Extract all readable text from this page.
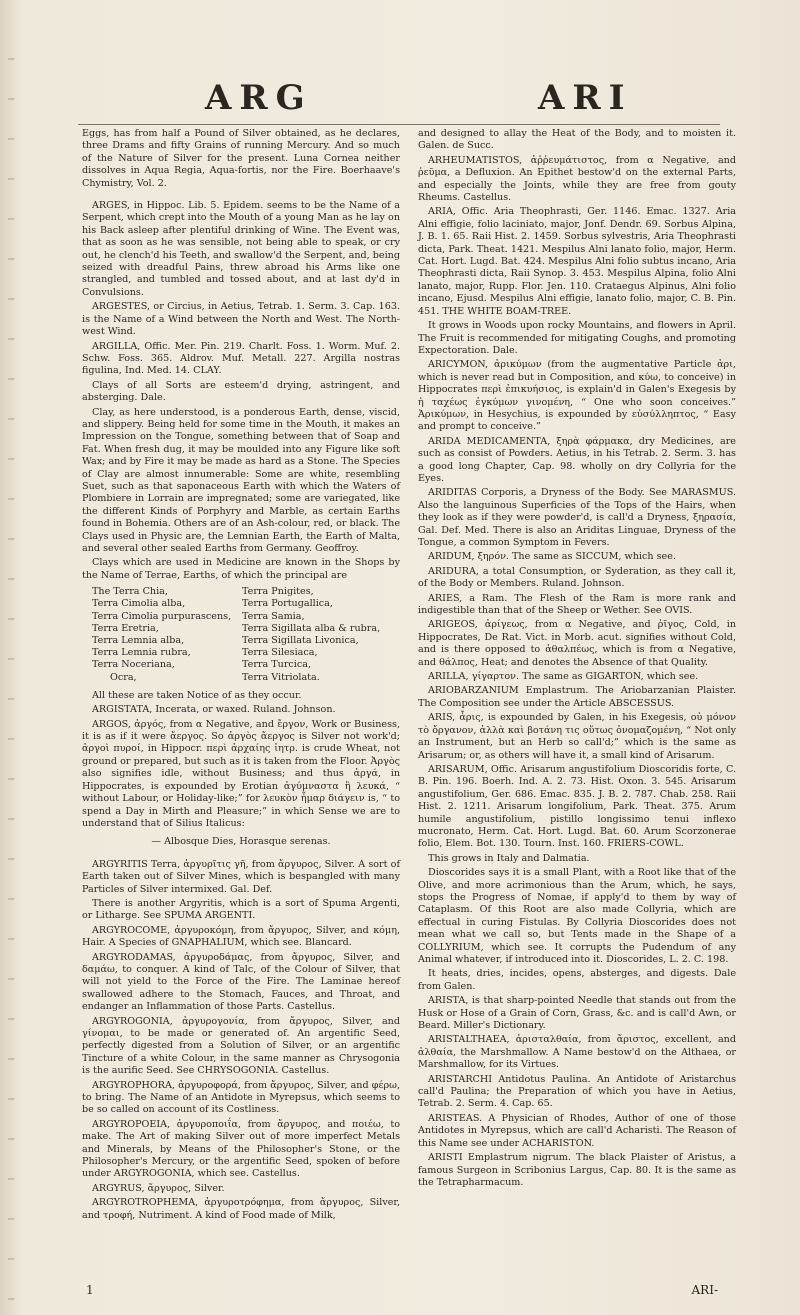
ARG	ARI

Eggs, has from half a Pound of Silver obtained, as he declares, three Drams and fifty Grains of running Mercury. And so much of the Nature of Silver for the present. Luna Cornea neither dissolves in Aqua Regia, Aqua-fortis, nor the Fire. Boerhaave's Chymistry, Vol. 2.

ARGES, in Hippoc. Lib. 5. Epidem. seems to be the Name of a Serpent, which crept into the Mouth of a young Man as he lay on his Back asleep after plentiful drinking of Wine. The Event was, that as soon as he was sensible, not being able to speak, or cry out, he clench'd his Teeth, and swallow'd the Serpent, and, being seized with dreadful Pains, threw abroad his Arms like one strangled, and tumbled and tossed about, and at last dy'd in Convulsions.

ARGESTES, or Circius, in Aetius, Tetrab. 1. Serm. 3. Cap. 163. is the Name of a Wind between the North and West. The North-west Wind.

ARGILLA, Offic. Mer. Pin. 219. Charlt. Foss. 1. Worm. Muf. 2. Schw. Foss. 365. Aldrov. Muf. Metall. 227. Argilla nostras figulina, Ind. Med. 14. CLAY.

Clays of all Sorts are esteem'd drying, astringent, and absterging. Dale.

Clay, as here understood, is a ponderous Earth, dense, viscid, and slippery. Being held for some time in the Mouth, it makes an Impression on the Tongue, something between that of Soap and Fat. When fresh dug, it may be moulded into any Figure like soft Wax; and by Fire it may be made as hard as a Stone. The Species of Clay are almost innumerable: Some are white, resembling Suet, such as that saponaceous Earth with which the Waters of Plombiere in Lorrain are impregnated; some are variegated, like the different Kinds of Porphyry and Marble, as certain Earths found in Bohemia. Others are of an Ash-colour, red, or black. The Clays used in Physic are, the Lemnian Earth, the Earth of Malta, and several other sealed Earths from Germany. Geoffroy.

Clays which are used in Medicine are known in the Shops by the Name of Terrae, Earths, of which the principal are

The Terra Chia,	Terra Pnigites,
Terra Cimolia alba,	Terra Portugallica,
Terra Cimolia purpurascens,	Terra Samia,
Terra Eretria,	Terra Sigillata alba & rubra,
Terra Lemnia alba,	Terra Sigillata Livonica,
Terra Lemnia rubra,	Terra Silesiaca,
Terra Noceriana,	Terra Turcica,
Ocra,	Terra Vitriolata.

All these are taken Notice of as they occur.

ARGISTATA, Incerata, or waxed. Ruland. Johnson.

ARGOS, ἀργός, from α Negative, and ἔργον, Work or Business, it is as if it were ἄεργος. So ἀργὸς ἄεργος is Silver not work'd; ἀργοὶ πυροί, in Hippocr. περὶ ἀρχαίης ἰητρ. is crude Wheat, not ground or prepared, but such as it is taken from the Floor. Ἀργὸς also signifies idle, without Business; and thus ἀργά, in Hippocrates, is expounded by Erotian ἀγύμναστα ἢ λευκά, “ without Labour, or Holiday-like;” for λευκὸν ἦμαρ διάγειν is, “ to spend a Day in Mirth and Pleasure;” in which Sense we are to understand that of Silius Italicus:

— Albosque Dies, Horasque serenas.

ARGYRITIS Terra, ἀργυρῖτις γῆ, from ἄργυρος, Silver. A sort of Earth taken out of Silver Mines, which is bespangled with many Particles of Silver intermixed. Gal. Def.

There is another Argyritis, which is a sort of Spuma Argenti, or Litharge. See SPUMA ARGENTI.

ARGYROCOME, ἀργυροκόμη, from ἄργυρος, Silver, and κόμη, Hair. A Species of GNAPHALIUM, which see. Blancard.

ARGYRODAMAS, ἀργυροδάμας, from ἄργυρος, Silver, and δαμάω, to conquer. A kind of Talc, of the Colour of Silver, that will not yield to the Force of the Fire. The Laminae hereof swallowed adhere to the Stomach, Fauces, and Throat, and endanger an Inflammation of those Parts. Castellus.

ARGYROGONIA, ἀργυρογονία, from ἄργυρος, Silver, and γίνομαι, to be made or generated of. An argentific Seed, perfectly digested from a Solution of Silver, or an argentific Tincture of a white Colour, in the same manner as Chrysogonia is the aurific Seed. See CHRYSOGONIA. Castellus.

ARGYROPHORA, ἀργυροφορά, from ἄργυρος, Silver, and φέρω, to bring. The Name of an Antidote in Myrepsus, which seems to be so called on account of its Costliness.

ARGYROPOEIA, ἀργυροποιΐα, from ἄργυρος, and ποιέω, to make. The Art of making Silver out of more imperfect Metals and Minerals, by Means of the Philosopher's Stone, or the Philosopher's Mercury, or the argentific Seed, spoken of before under ARGYROGONIA, which see. Castellus.

ARGYRUS, ἄργυρος, Silver.

ARGYROTROPHEMA, ἀργυροτρόφημα, from ἄργυρος, Silver, and τροφή, Nutriment. A kind of Food made of Milk,

and designed to allay the Heat of the Body, and to moisten it. Galen. de Succ.

ARHEUMATISTOS, ἀῤῥευμάτιστος, from α Negative, and ῥεῦμα, a Defluxion. An Epithet bestow'd on the external Parts, and especially the Joints, while they are free from gouty Rheums. Castellus.

ARIA, Offic. Aria Theophrasti, Ger. 1146. Emac. 1327. Aria Alni effigie, folio laciniato, major, Jonf. Dendr. 69. Sorbus Alpina, J. B. 1. 65. Raii Hist. 2. 1459. Sorbus sylvestris, Aria Theophrasti dicta, Park. Theat. 1421. Mespilus Alni lanato folio, major, Herm. Cat. Hort. Lugd. Bat. 424. Mespilus Alni folio subtus incano, Aria Theophrasti dicta, Raii Synop. 3. 453. Mespilus Alpina, folio Alni lanato, major, Rupp. Flor. Jen. 110. Crataegus Alpinus, Alni folio incano, Ejusd. Mespilus Alni effigie, lanato folio, major, C. B. Pin. 451. THE WHITE BOAM-TREE.

It grows in Woods upon rocky Mountains, and flowers in April. The Fruit is recommended for mitigating Coughs, and promoting Expectoration. Dale.

ARICYMON, ἀρικύμων (from the augmentative Particle ἀρι, which is never read but in Composition, and κύω, to conceive) in Hippocrates περὶ ἐπικυήσιος, is explain'd in Galen's Exegesis by ἡ ταχέως ἐγκύμων γινομένη, “ One who soon conceives.” Ἀρικύμων, in Hesychius, is expounded by εὐσύλληπτος, “ Easy and prompt to conceive.”

ARIDA MEDICAMENTA, ξηρὰ φάρμακα, dry Medicines, are such as consist of Powders. Aetius, in his Tetrab. 2. Serm. 3. has a good long Chapter, Cap. 98. wholly on dry Collyria for the Eyes.

ARIDITAS Corporis, a Dryness of the Body. See MARASMUS. Also the languinous Superficies of the Tops of the Hairs, when they look as if they were powder'd, is call'd a Dryness, ξηρασία, Gal. Def. Med. There is also an Ariditas Linguae, Dryness of the Tongue, a common Symptom in Fevers.

ARIDUM, ξηρόν. The same as SICCUM, which see.

ARIDURA, a total Consumption, or Syderation, as they call it, of the Body or Members. Ruland. Johnson.

ARIES, a Ram. The Flesh of the Ram is more rank and indigestible than that of the Sheep or Wether. See OVIS.

ARIGEOS, ἀρίγεως, from α Negative, and ῥῖγος, Cold, in Hippocrates, De Rat. Vict. in Morb. acut. signifies without Cold, and is there opposed to ἀθαλπέως, which is from α Negative, and θάλπος, Heat; and denotes the Absence of that Quality.

ARILLA, γίγαρτον. The same as GIGARTON, which see.

ARIOBARZANIUM Emplastrum. The Ariobarzanian Plaister. The Composition see under the Article ABSCESSUS.

ARIS, ἆρις, is expounded by Galen, in his Exegesis, οὐ μόνον τὸ ὄργανον, ἀλλὰ καὶ βοτάνη τις οὕτως ὀνομαζομένη, “ Not only an Instrument, but an Herb so call'd;” which is the same as Arisarum; or, as others will have it, a small kind of Arisarum.

ARISARUM, Offic. Arisarum angustifolium Dioscoridis forte, C. B. Pin. 196. Boerh. Ind. A. 2. 73. Hist. Oxon. 3. 545. Arisarum angustifolium, Ger. 686. Emac. 835. J. B. 2. 787. Chab. 258. Raii Hist. 2. 1211. Arisarum longifolium, Park. Theat. 375. Arum humile angustifolium, pistillo longissimo tenui inflexo mucronato, Herm. Cat. Hort. Lugd. Bat. 60. Arum Scorzonerae folio, Elem. Bot. 130. Tourn. Inst. 160. FRIERS-COWL.

This grows in Italy and Dalmatia.

Dioscorides says it is a small Plant, with a Root like that of the Olive, and more acrimonious than the Arum, which, he says, stops the Progress of Nomae, if apply'd to them by way of Cataplasm. Of this Root are also made Collyria, which are effectual in curing Fistulas. By Collyria Dioscorides does not mean what we call so, but Tents made in the Shape of a COLLYRIUM, which see. It corrupts the Pudendum of any Animal whatever, if introduced into it. Dioscorides, L. 2. C. 198.

It heats, dries, incides, opens, absterges, and digests. Dale from Galen.

ARISTA, is that sharp-pointed Needle that stands out from the Husk or Hose of a Grain of Corn, Grass, &c. and is call'd Awn, or Beard. Miller's Dictionary.

ARISTALTHAEA, ἀρισταλθαία, from ἄριστος, excellent, and ἀλθαία, the Marshmallow. A Name bestow'd on the Althaea, or Marshmallow, for its Virtues.

ARISTARCHI Antidotus Paulina. An Antidote of Aristarchus call'd Paulina; the Preparation of which you have in Aetius, Tetrab. 2. Serm. 4. Cap. 65.

ARISTEAS. A Physician of Rhodes, Author of one of those Antidotes in Myrepsus, which are call'd Acharisti. The Reason of this Name see under ACHARISTON.

ARISTI Emplastrum nigrum. The black Plaister of Aristus, a famous Surgeon in Scribonius Largus, Cap. 80. It is the same as the Tetrapharmacum.

1	ARI-
